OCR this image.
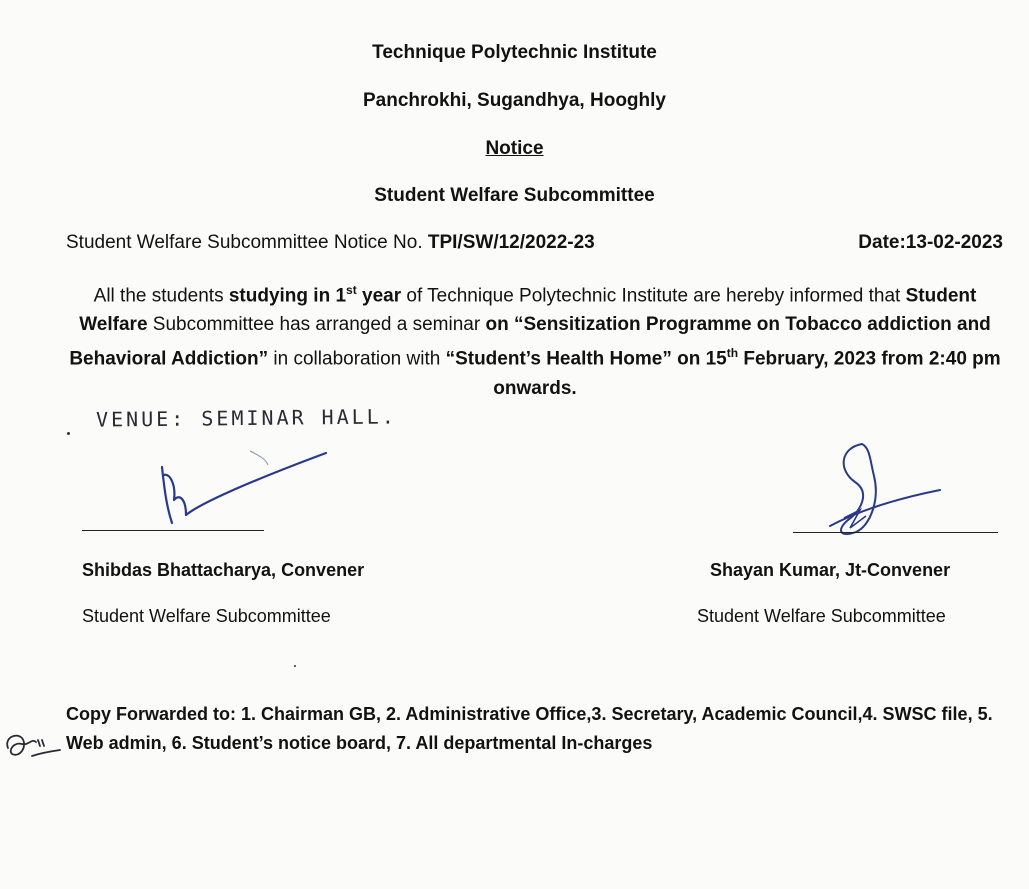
Technique Polytechnic Institute
Panchrokhi, Sugandhya, Hooghly
Notice
Student Welfare Subcommittee
Student Welfare Subcommittee Notice No. TPI/SW/12/2022-23	Date:13-02-2023
All the students studying in 1st year of Technique Polytechnic Institute are hereby informed that Student Welfare Subcommittee has arranged a seminar on “Sensitization Programme on Tobacco addiction and Behavioral Addiction” in collaboration with “Student’s Health Home” on 15th February, 2023 from 2:40 pm onwards.
VENUE: SEMINAR HALL.
Shibdas Bhattacharya, Convener
Student Welfare Subcommittee
Shayan Kumar, Jt-Convener
Student Welfare Subcommittee
Copy Forwarded to: 1. Chairman GB, 2. Administrative Office,3. Secretary, Academic Council,4. SWSC file, 5. Web admin, 6. Student’s notice board, 7. All departmental In-charges
